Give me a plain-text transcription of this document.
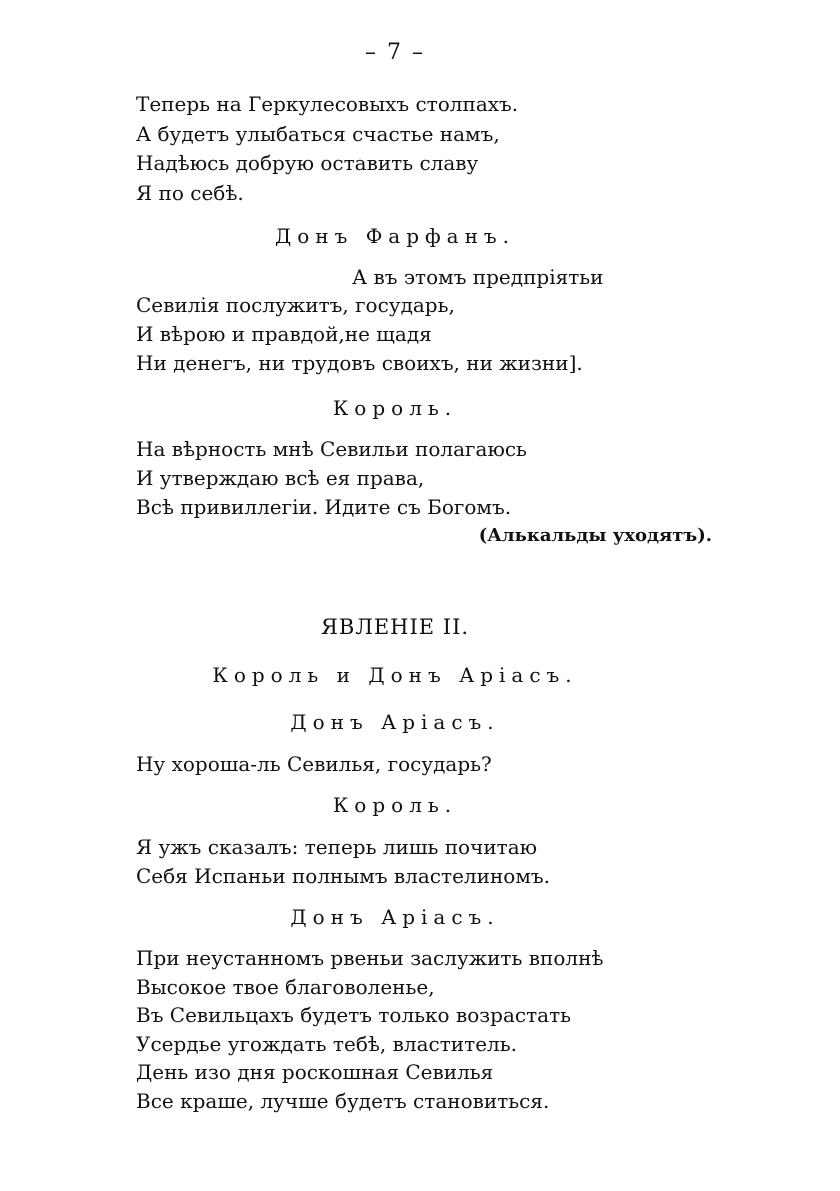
– 7 –
Теперь на Геркулесовыхъ столпахъ.
А будетъ улыбаться счастье намъ,
Надѣюсь добрую оставить славу
Я по себѣ.
Донъ Фарфанъ.
А въ этомъ предпріятьи
Севилія послужитъ, государь,
И вѣрою и правдой,не щадя
Ни денегъ, ни трудовъ своихъ, ни жизни].
Король.
На вѣрность мнѣ Севильи полагаюсь
И утверждаю всѣ ея права,
Всѣ привиллегіи. Идите съ Богомъ.
(Алькальды уходятъ).
ЯВЛЕНІЕ II.
Король и Донъ Аріасъ.
Донъ Аріасъ.
Ну хороша-ль Севилья, государь?
Король.
Я ужъ сказалъ: теперь лишь почитаю
Себя Испаньи полнымъ властелиномъ.
Донъ Аріасъ.
При неустанномъ рвеньи заслужить вполнѣ
Высокое твое благоволенье,
Въ Севильцахъ будетъ только возрастать
Усердье угождать тебѣ, властитель.
День изо дня роскошная Севилья
Все краше, лучше будетъ становиться.
